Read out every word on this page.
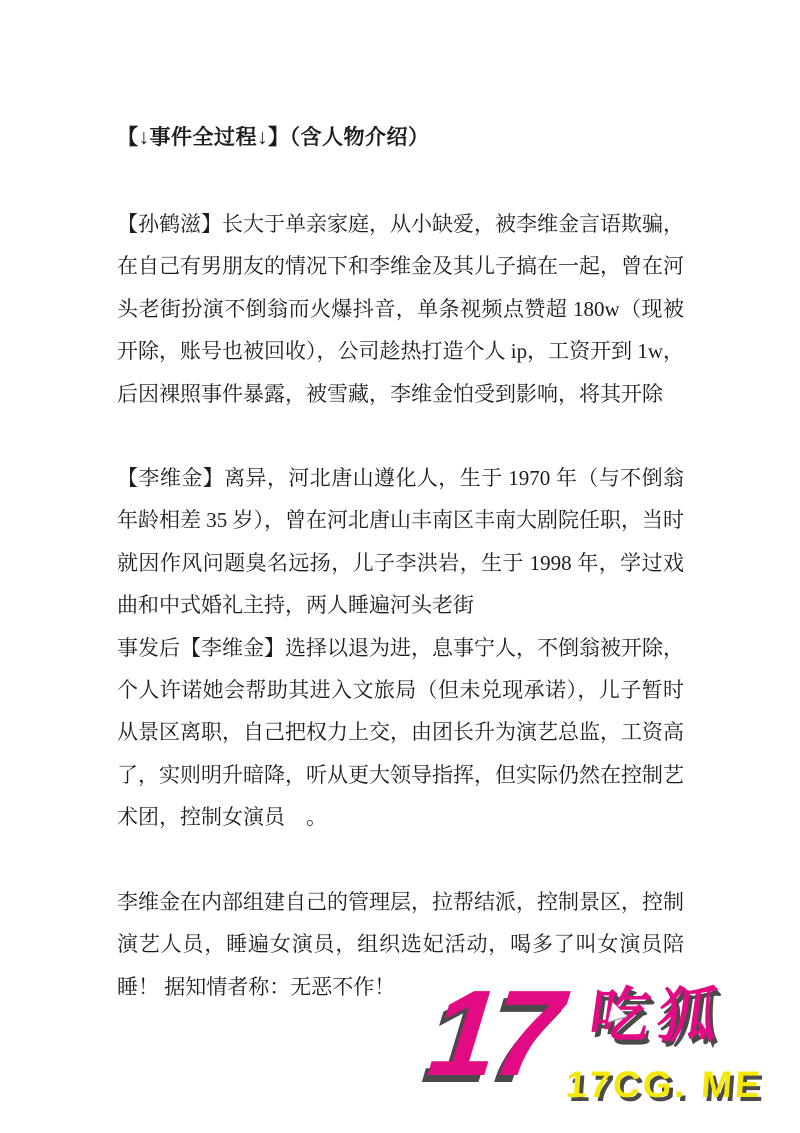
【↓事件全过程↓】（含人物介绍）

【孙鹤滋】长大于单亲家庭，从小缺爱，被李维金言语欺骗，在自己有男朋友的情况下和李维金及其儿子搞在一起，曾在河头老街扮演不倒翁而火爆抖音，单条视频点赞超 180w（现被开除，账号也被回收），公司趁热打造个人 ip，工资开到 1w，后因裸照事件暴露，被雪藏，李维金怕受到影响，将其开除

【李维金】离异，河北唐山遵化人，生于 1970 年（与不倒翁年龄相差 35 岁），曾在河北唐山丰南区丰南大剧院任职，当时就因作风问题臭名远扬，儿子李洪岩，生于 1998 年，学过戏曲和中式婚礼主持，两人睡遍河头老街

事发后【李维金】选择以退为进，息事宁人，不倒翁被开除，个人许诺她会帮助其进入文旅局（但未兑现承诺），儿子暂时从景区离职，自己把权力上交，由团长升为演艺总监，工资高了，实则明升暗降，听从更大领导指挥，但实际仍然在控制艺术团，控制女演员　。

李维金在内部组建自己的管理层，拉帮结派，控制景区，控制演艺人员，睡遍女演员，组织选妃活动，喝多了叫女演员陪睡！ 据知情者称：无恶不作！ 17 吃狐
17CG. ME
